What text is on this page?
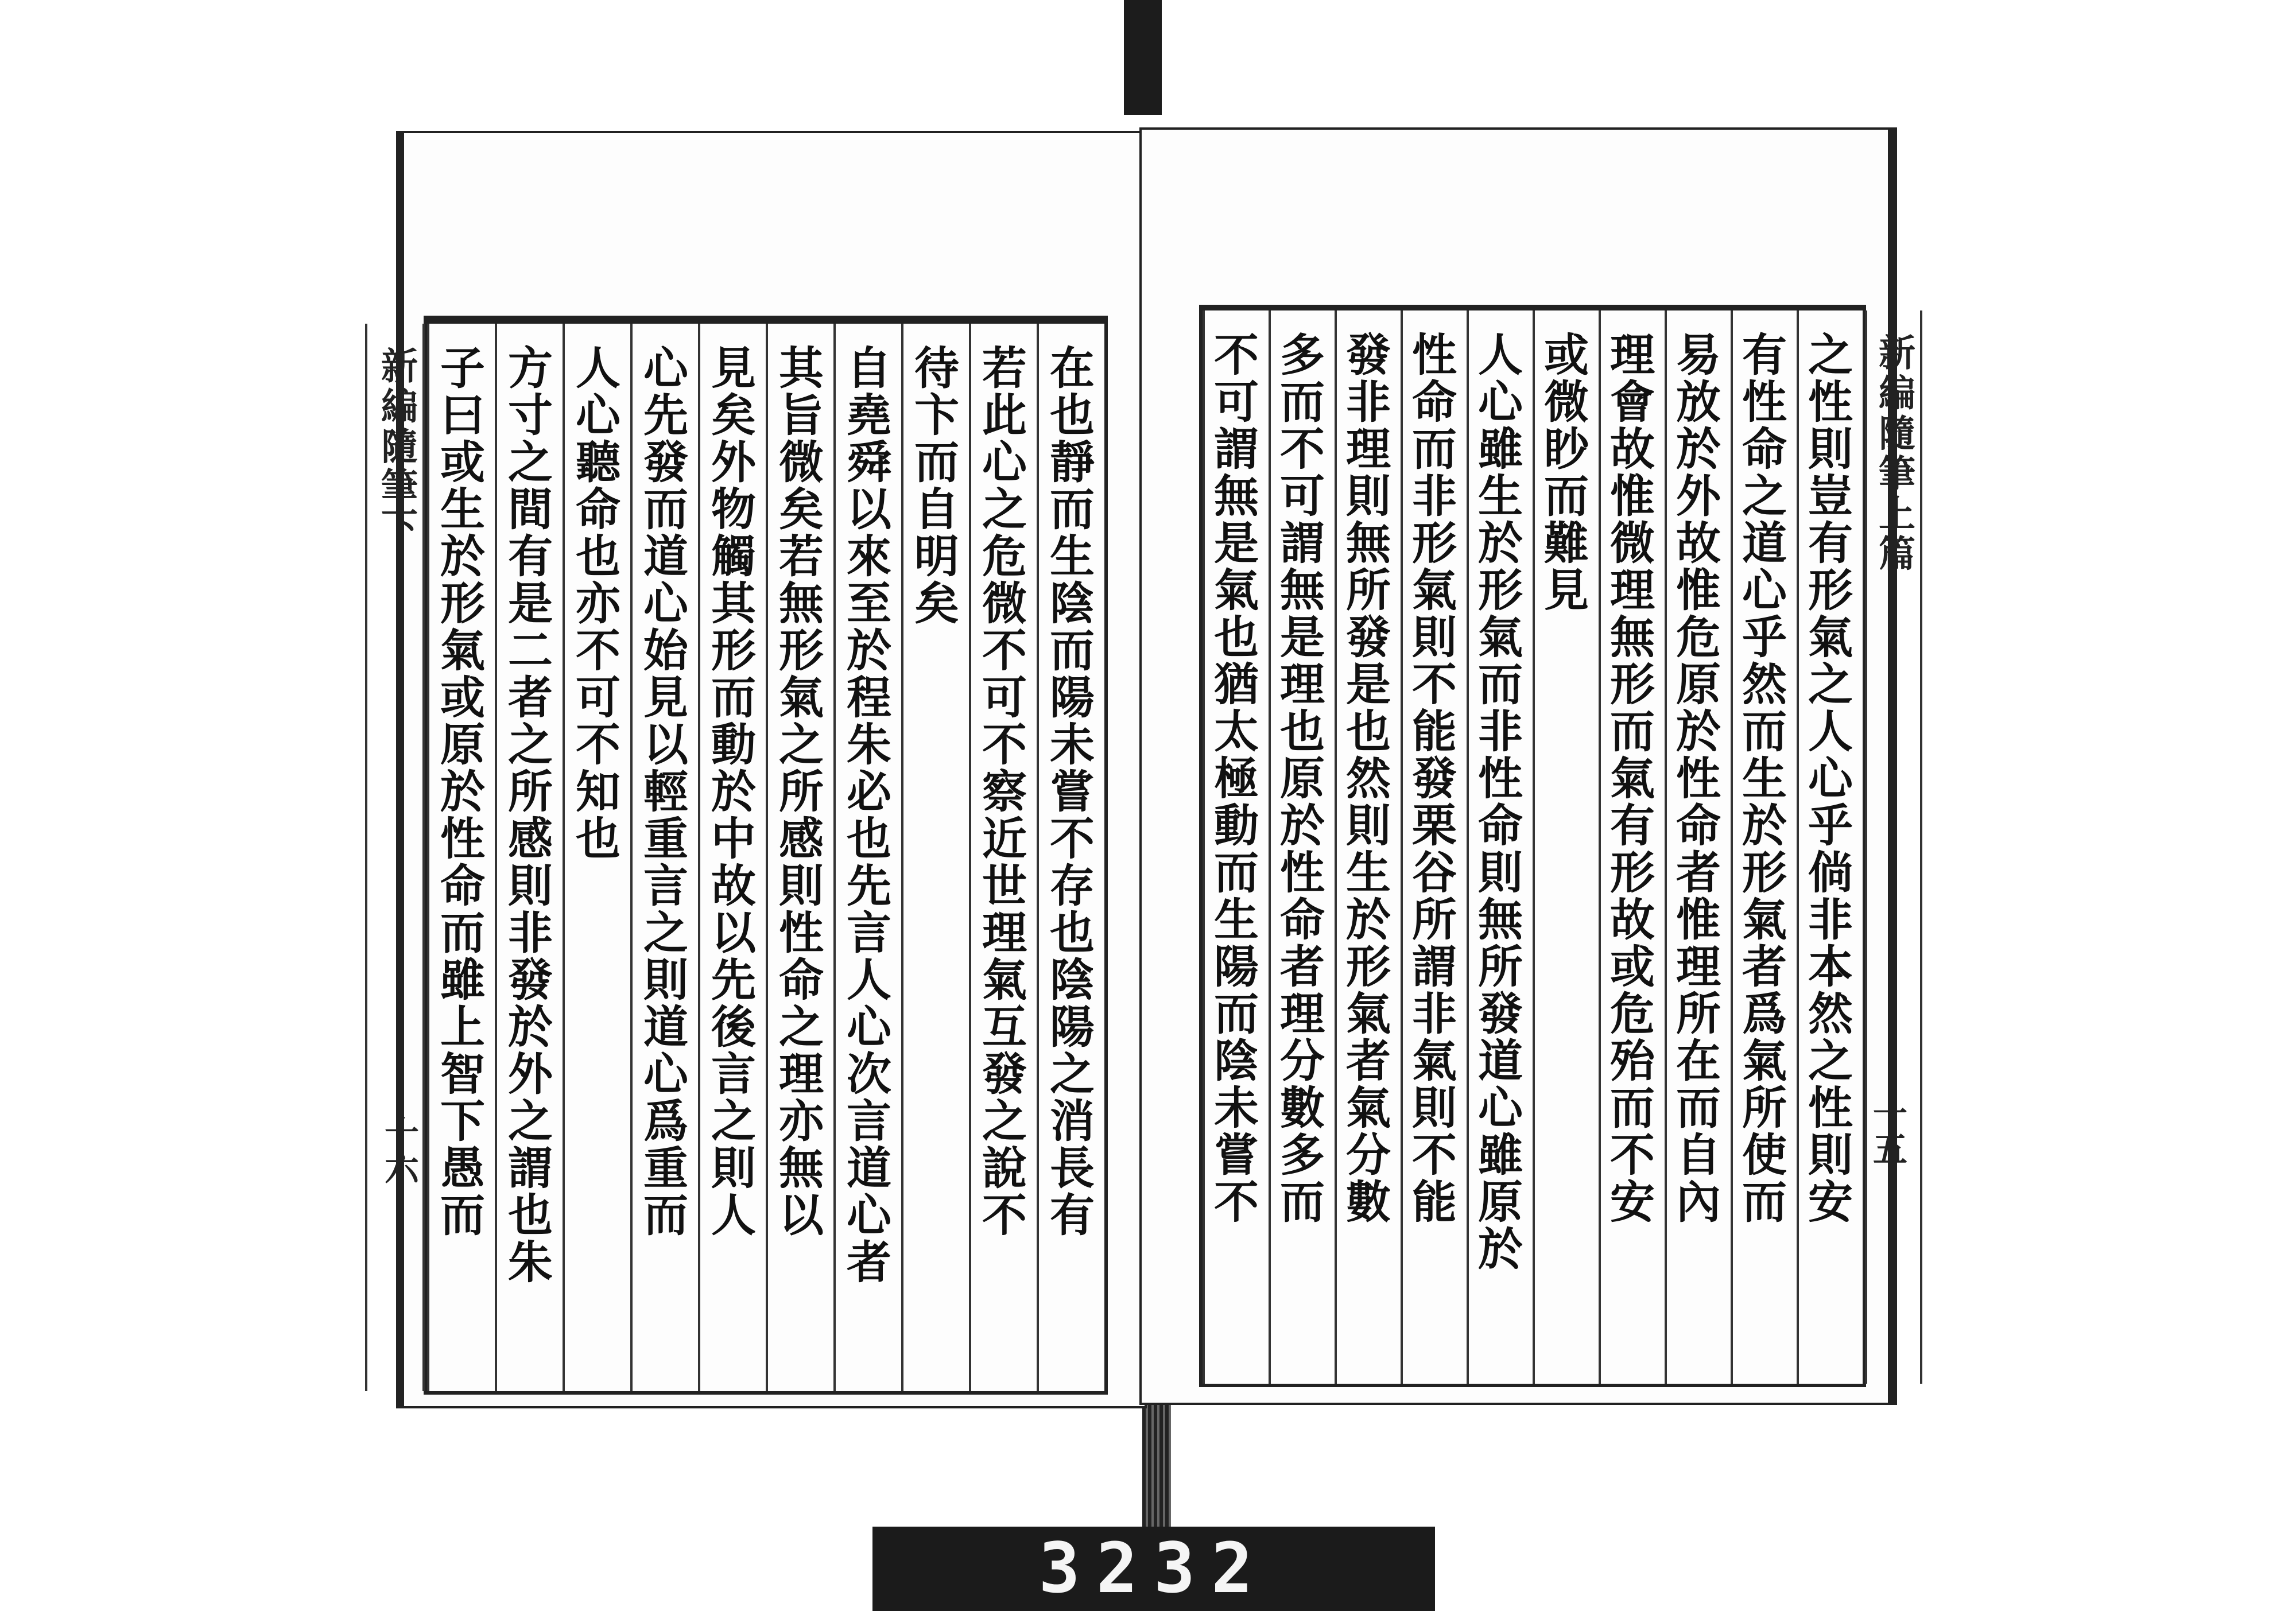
新編隨筆下
十六	在也靜而生陰而陽未嘗不存也陰陽之消長有
若此心之危微不可不察近世理氣互發之說不
待卞而自明矣
自堯舜以來至於程朱必也先言人心次言道心者
其旨微矣若無形氣之所感則性命之理亦無以
見矣外物觸其形而動於中故以先後言之則人
心先發而道心始見以輕重言之則道心爲重而
人心聽命也亦不可不知也
方寸之間有是二者之所感則非發於外之謂也朱
子曰或生於形氣或原於性命而雖上智下愚而	新編隨筆上篇
十五
之性則豈有形氣之人心乎倘非本然之性則安
有性命之道心乎然而生於形氣者爲氣所使而
易放於外故惟危原於性命者惟理所在而自內
理會故惟微理無形而氣有形故或危殆而不安
或微眇而難見
人心雖生於形氣而非性命則無所發道心雖原於
性命而非形氣則不能發栗谷所謂非氣則不能
發非理則無所發是也然則生於形氣者氣分數
多而不可謂無是理也原於性命者理分數多而
不可謂無是氣也猶太極動而生陽而陰未嘗不
3232
